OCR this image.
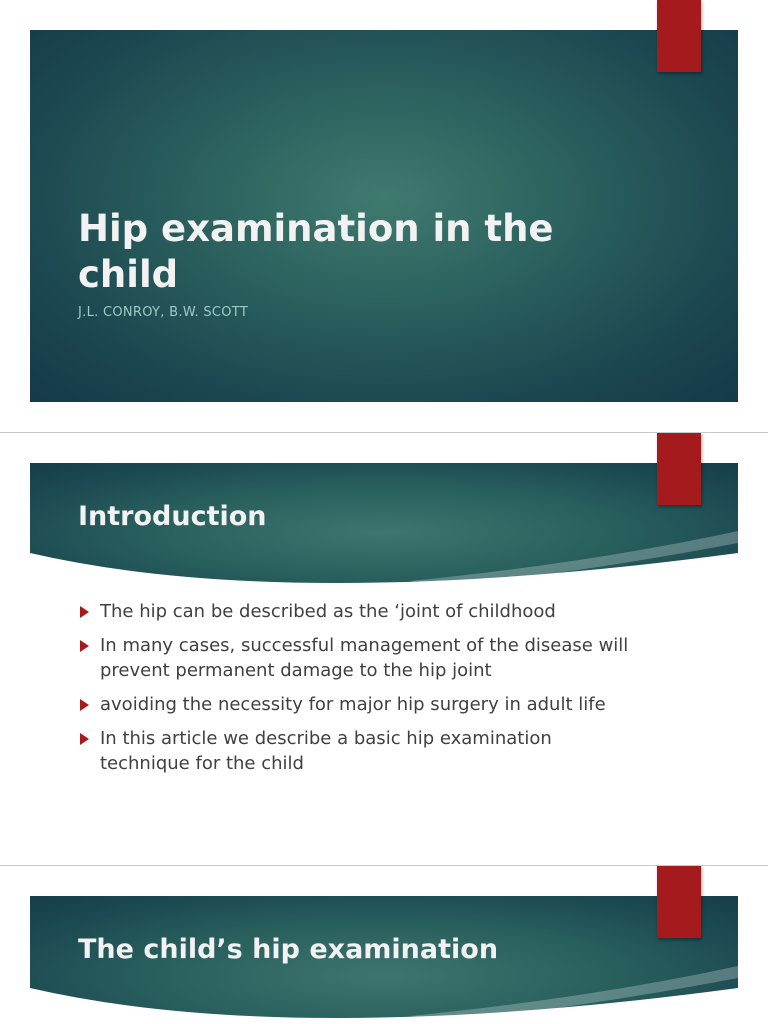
Hip examination in the child
J.L. CONROY, B.W. SCOTT
Introduction
The hip can be described as the ‘joint of childhood
In many cases, successful management of the disease will prevent permanent damage to the hip joint
avoiding the necessity for major hip surgery in adult life
In this article we describe a basic hip examination technique for the child
The child’s hip examination
